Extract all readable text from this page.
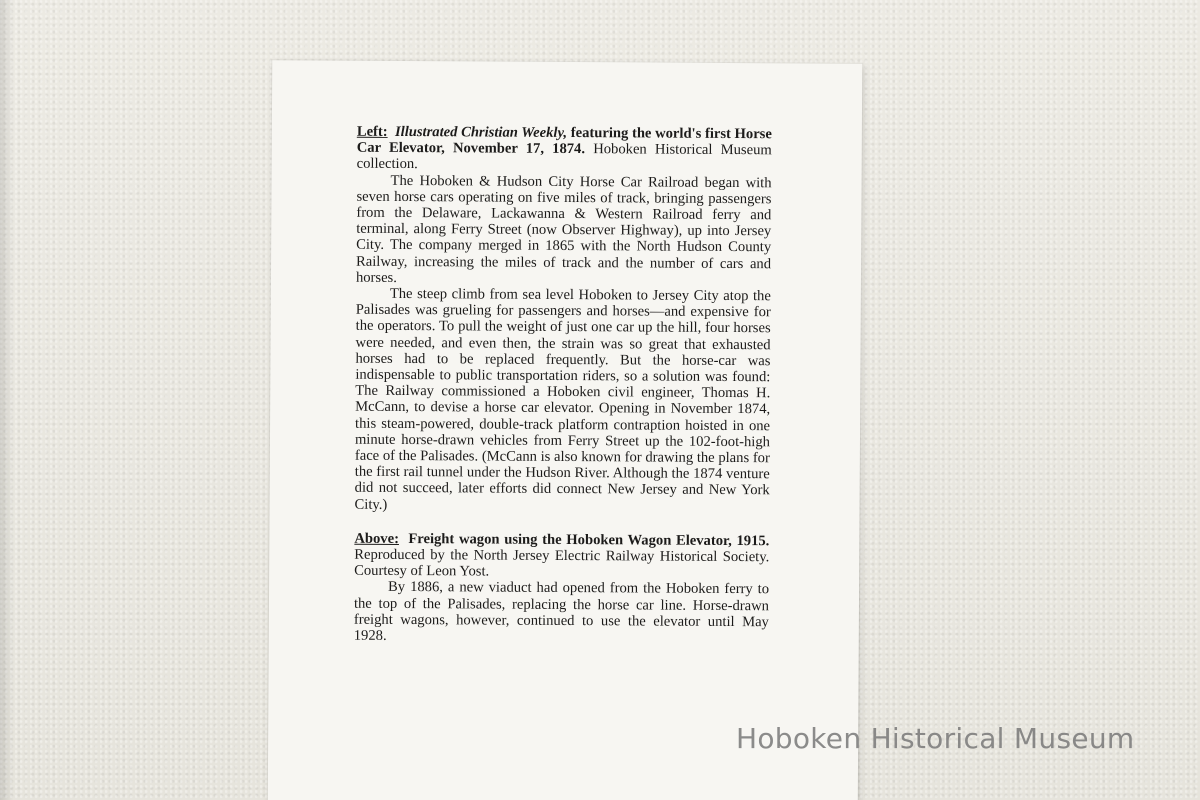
Left: Illustrated Christian Weekly, featuring the world's first Horse Car Elevator, November 17, 1874. Hoboken Historical Museum collection.

The Hoboken & Hudson City Horse Car Railroad began with seven horse cars operating on five miles of track, bringing passengers from the Delaware, Lackawanna & Western Railroad ferry and terminal, along Ferry Street (now Observer Highway), up into Jersey City. The company merged in 1865 with the North Hudson County Railway, increasing the miles of track and the number of cars and horses.

The steep climb from sea level Hoboken to Jersey City atop the Palisades was grueling for passengers and horses—and expensive for the operators. To pull the weight of just one car up the hill, four horses were needed, and even then, the strain was so great that exhausted horses had to be replaced frequently. But the horse-car was indispensable to public transportation riders, so a solution was found: The Railway commissioned a Hoboken civil engineer, Thomas H. McCann, to devise a horse car elevator. Opening in November 1874, this steam-powered, double-track platform contraption hoisted in one minute horse-drawn vehicles from Ferry Street up the 102-foot-high face of the Palisades. (McCann is also known for drawing the plans for the first rail tunnel under the Hudson River. Although the 1874 venture did not succeed, later efforts did connect New Jersey and New York City.)

Above: Freight wagon using the Hoboken Wagon Elevator, 1915. Reproduced by the North Jersey Electric Railway Historical Society. Courtesy of Leon Yost.

By 1886, a new viaduct had opened from the Hoboken ferry to the top of the Palisades, replacing the horse car line. Horse-drawn freight wagons, however, continued to use the elevator until May 1928.

Hoboken Historical Museum
